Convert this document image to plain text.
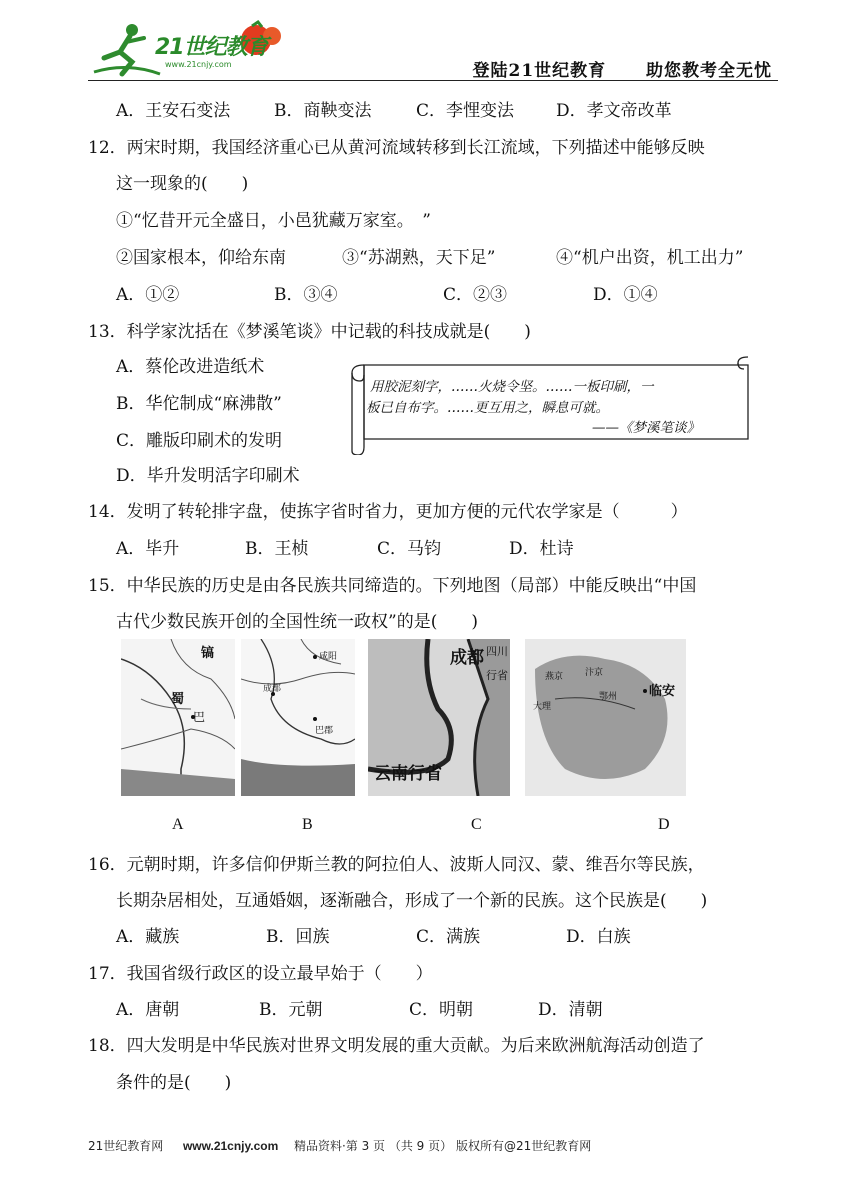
21世纪教育
www.21cnjy.com	登陆21世纪教育 助您教考全无忧
A．王安石变法	B．商鞅变法	C．李悝变法 D．孝文帝改革
12．两宋时期，我国经济重心已从黄河流域转移到长江流域，下列描述中能够反映
这一现象的(　　)
①“忆昔开元全盛日，小邑犹藏万家室。　”
②国家根本，仰给东南	③“苏湖熟，天下足”	④“机户出资，机工出力”
A．①②	B．③④	C．②③	D．①④
13．科学家沈括在《梦溪笔谈》中记载的科技成就是(　　)
A．蔡伦改进造纸术
B．华佗制成“麻沸散”
C．雕版印刷术的发明
D．毕升发明活字印刷术
用胶泥刻字，……火烧令坚。……一板印刷，一
板已自布字。……更互用之，瞬息可就。
——《梦溪笔谈》
14．发明了转轮排字盘，使拣字省时省力，更加方便的元代农学家是（　　　）
A．毕升	B．王桢	C．马钧	D．杜诗
15．中华民族的历史是由各民族共同缔造的。下列地图（局部）中能反映出“中国
古代少数民族开创的全国性统一政权”的是(　　)
镐
蜀
巴
咸阳
成都
巴郡
成都 四川
行省
云南行省
燕京 汴京
临安
鄂州
大理
A	B	C	D
16．元朝时期，许多信仰伊斯兰教的阿拉伯人、波斯人同汉、蒙、维吾尔等民族，
长期杂居相处，互通婚姻，逐渐融合，形成了一个新的民族。这个民族是(　　)
A．藏族	B．回族	C．满族	D．白族
17．我国省级行政区的设立最早始于（　　）
A．唐朝	B．元朝	C．明朝	D．清朝
18．四大发明是中华民族对世界文明发展的重大贡献。为后来欧洲航海活动创造了
条件的是(　　)
21世纪教育网 www.21cnjy.com 精品资料·第 3 页 （共 9 页） 版权所有@21世纪教育网
